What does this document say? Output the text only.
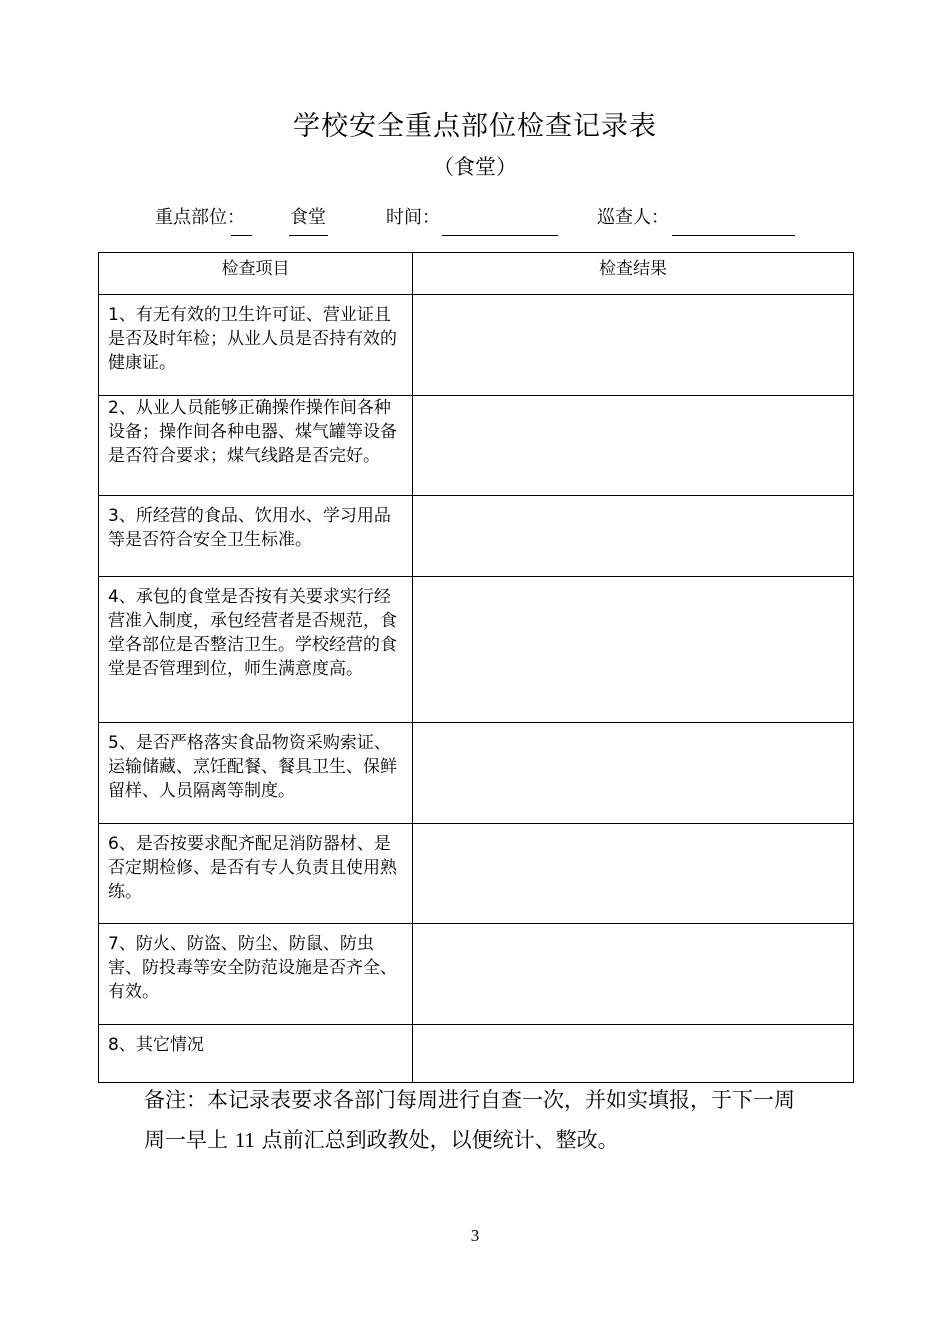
学校安全重点部位检查记录表
（食堂）
重点部位：	食堂	时间：	巡查人：
检查项目	检查结果
1、有无有效的卫生许可证、营业证且是否及时年检；从业人员是否持有效的健康证。	
2、从业人员能够正确操作操作间各种设备；操作间各种电器、煤气罐等设备是否符合要求；煤气线路是否完好。	
3、所经营的食品、饮用水、学习用品等是否符合安全卫生标准。	
4、承包的食堂是否按有关要求实行经营准入制度，承包经营者是否规范，食堂各部位是否整洁卫生。学校经营的食堂是否管理到位，师生满意度高。	
5、是否严格落实食品物资采购索证、运输储藏、烹饪配餐、餐具卫生、保鲜留样、人员隔离等制度。	
6、是否按要求配齐配足消防器材、是否定期检修、是否有专人负责且使用熟练。	
7、防火、防盗、防尘、防鼠、防虫害、防投毒等安全防范设施是否齐全、有效。	
8、其它情况	
备注：本记录表要求各部门每周进行自查一次，并如实填报，于下一周周一早上 11 点前汇总到政教处，以便统计、整改。
3
